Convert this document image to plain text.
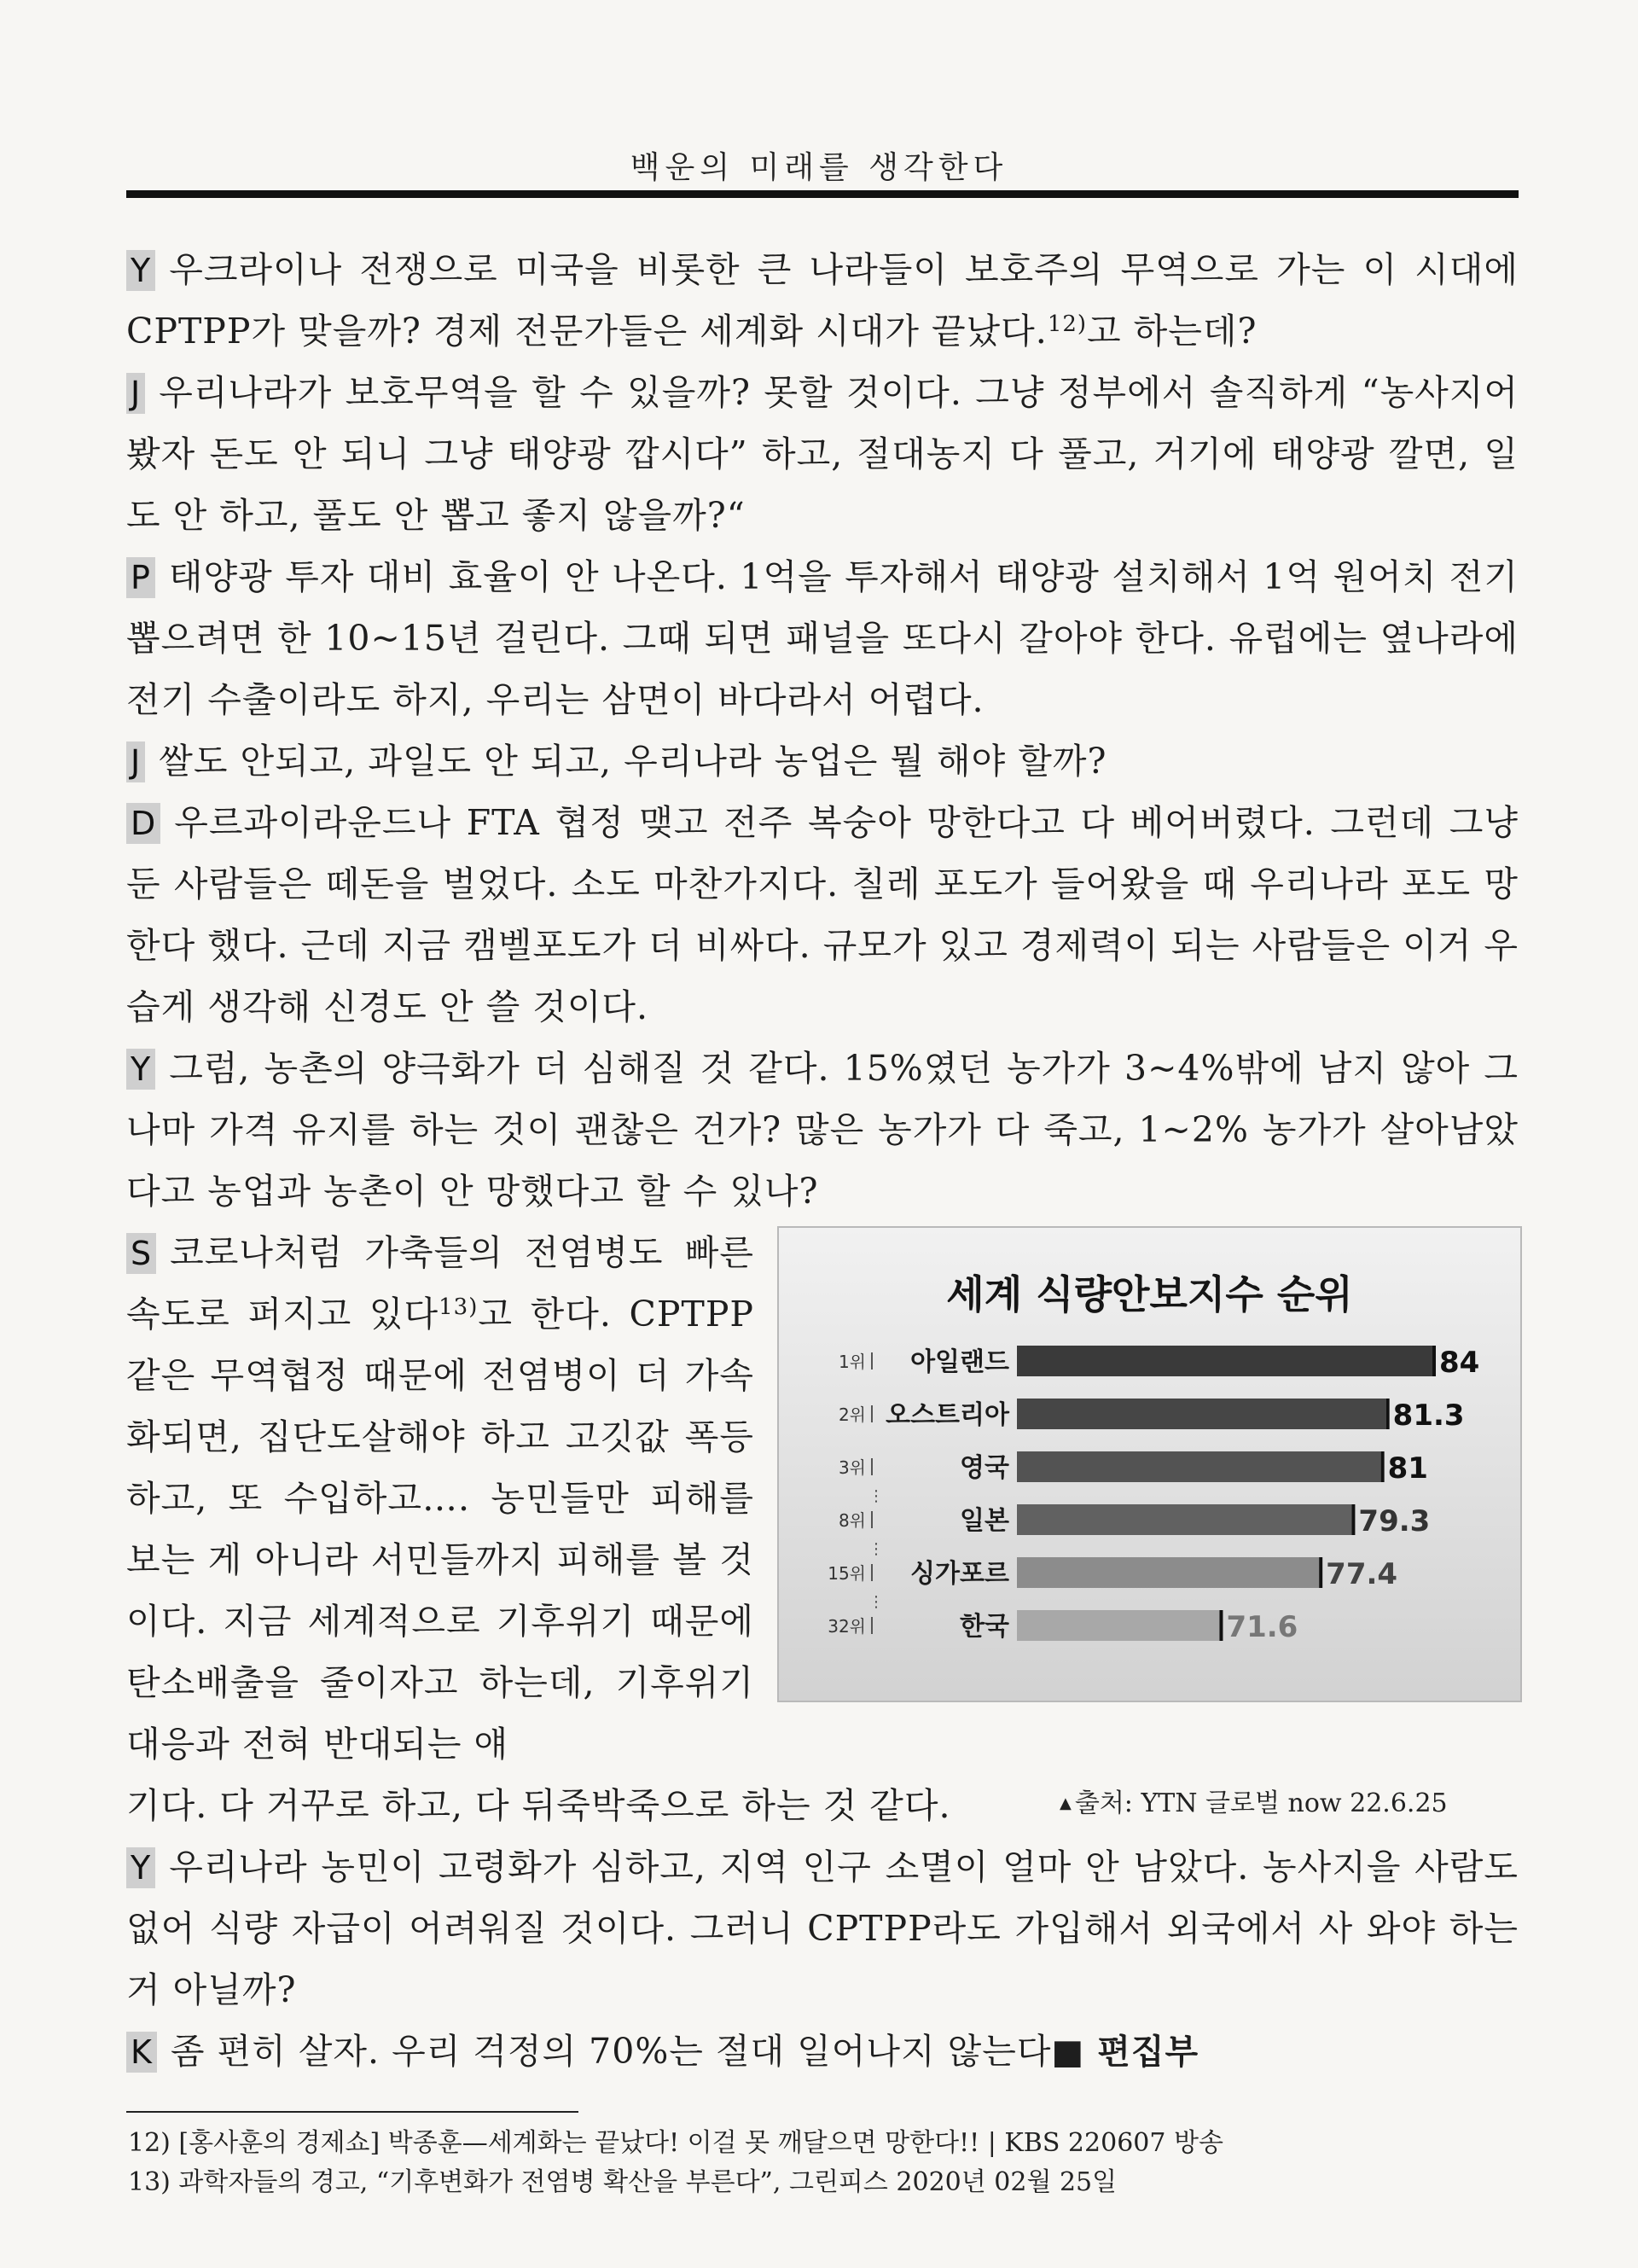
백운의 미래를 생각한다
Y 우크라이나 전쟁으로 미국을 비롯한 큰 나라들이 보호주의 무역으로 가는 이 시대에 CPTPP가 맞을까? 경제 전문가들은 세계화 시대가 끝났다.$^{12)}$고 하는데?
J 우리나라가 보호무역을 할 수 있을까? 못할 것이다. 그냥 정부에서 솔직하게 “농사지어봤자 돈도 안 되니 그냥 태양광 깝시다” 하고, 절대농지 다 풀고, 거기에 태양광 깔면, 일도 안 하고, 풀도 안 뽑고 좋지 않을까?“
P 태양광 투자 대비 효율이 안 나온다. 1억을 투자해서 태양광 설치해서 1억 원어치 전기 뽑으려면 한 10~15년 걸린다. 그때 되면 패널을 또다시 갈아야 한다. 유럽에는 옆나라에 전기 수출이라도 하지, 우리는 삼면이 바다라서 어렵다.
J 쌀도 안되고, 과일도 안 되고, 우리나라 농업은 뭘 해야 할까?
D 우르과이라운드나 FTA 협정 맺고 전주 복숭아 망한다고 다 베어버렸다. 그런데 그냥 둔 사람들은 떼돈을 벌었다. 소도 마찬가지다. 칠레 포도가 들어왔을 때 우리나라 포도 망한다 했다. 근데 지금 캠벨포도가 더 비싸다. 규모가 있고 경제력이 되는 사람들은 이거 우습게 생각해 신경도 안 쓸 것이다.
Y 그럼, 농촌의 양극화가 더 심해질 것 같다. 15%였던 농가가 3~4%밖에 남지 않아 그나마 가격 유지를 하는 것이 괜찮은 건가? 많은 농가가 다 죽고, 1~2% 농가가 살아남았다고 농업과 농촌이 안 망했다고 할 수 있나?
S 코로나처럼 가축들의 전염병도 빠른 속도로 퍼지고 있다$^{13)}$고 한다. CPTPP 같은 무역협정 때문에 전염병이 더 가속화되면, 집단도살해야 하고 고깃값 폭등하고, 또 수입하고…. 농민들만 피해를 보는 게 아니라 서민들까지 피해를 볼 것이다. 지금 세계적으로 기후위기 때문에 탄소배출을 줄이자고 하는데, 기후위기 대응과 전혀 반대되는 얘
기다. 다 거꾸로 하고, 다 뒤죽박죽으로 하는 것 같다.	▲ 출처: YTN 글로벌 now 22.6.25
Y 우리나라 농민이 고령화가 심하고, 지역 인구 소멸이 얼마 안 남았다. 농사지을 사람도 없어 식량 자급이 어려워질 것이다. 그러니 CPTPP라도 가입해서 외국에서 사 와야 하는 거 아닐까?
K 좀 편히 살자. 우리 걱정의 70%는 절대 일어나지 않는다■ 편집부
세계 식량안보지수 순위
1위 아일랜드	84
2위 오스트리아	81.3
3위	영국	81
8위	일본	79.3
15위 싱가포르	77.4
32위	한국	71.6
⋮
⋮
⋮
12) [홍사훈의 경제쇼] 박종훈—세계화는 끝났다! 이걸 못 깨달으면 망한다!! | KBS 220607 방송
13) 과학자들의 경고, “기후변화가 전염병 확산을 부른다”, 그린피스 2020년 02월 25일
